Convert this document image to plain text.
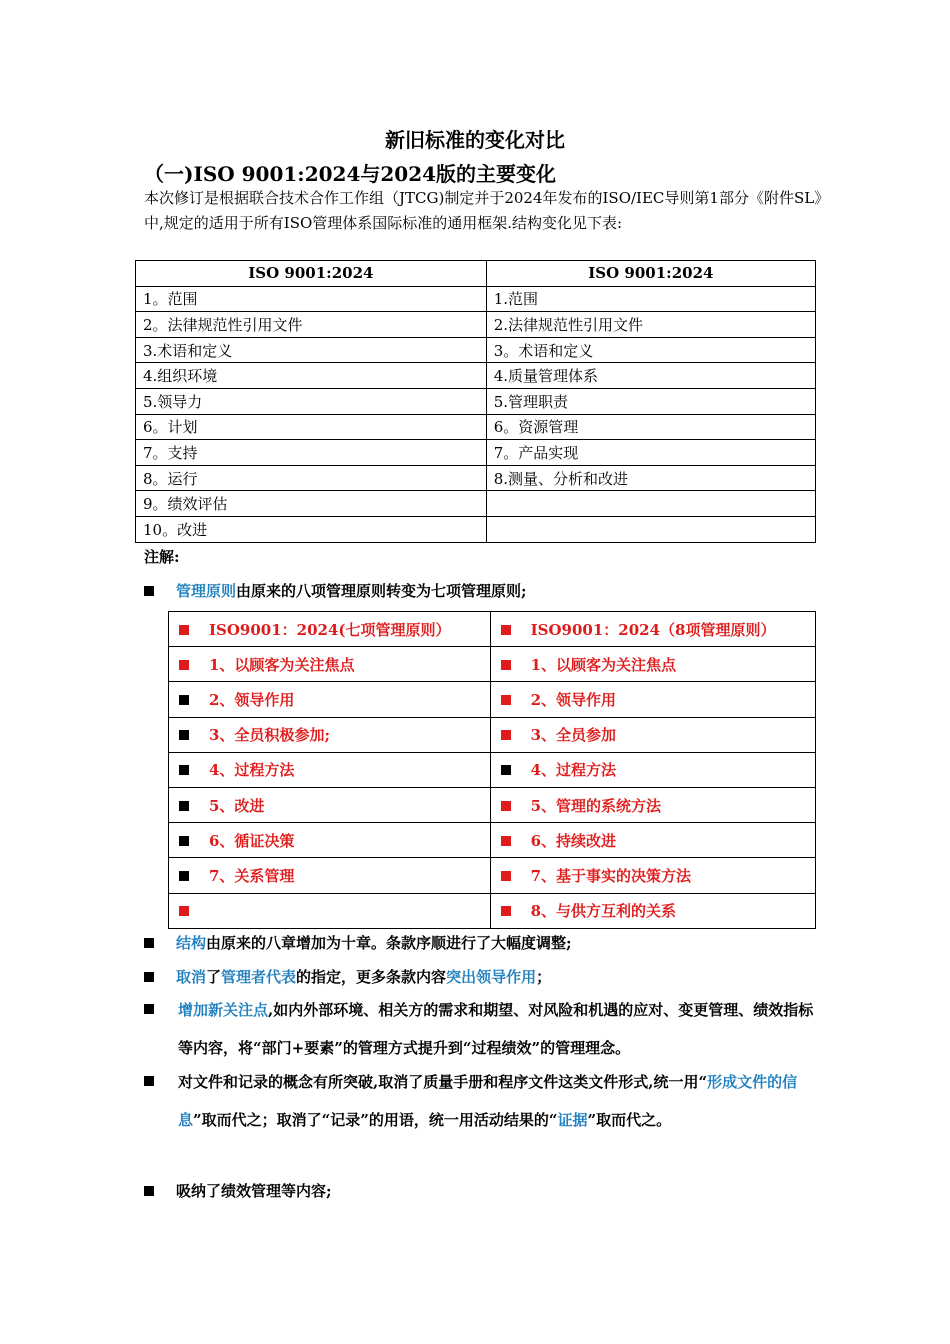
新旧标准的变化对比
（一)ISO 9001:2024与2024版的主要变化
本次修订是根据联合技术合作工作组（JTCG)制定并于2024年发布的ISO/IEC导则第1部分《附件SL》中,规定的适用于所有ISO管理体系国际标准的通用框架.结构变化见下表:
ISO 9001:2024	ISO 9001:2024
1。范围	1.范围
2。法律规范性引用文件	2.法律规范性引用文件
3.术语和定义	3。术语和定义
4.组织环境	4.质量管理体系
5.领导力	5.管理职责
6。计划	6。资源管理
7。支持	7。产品实现
8。运行	8.测量、分析和改进
9。绩效评估	
10。改进	
注解:
管理原则由原来的八项管理原则转变为七项管理原则;
ISO9001：2024(七项管理原则）	ISO9001：2024（8项管理原则）
1、以顾客为关注焦点	1、以顾客为关注焦点
2、领导作用	2、领导作用
3、全员积极参加;	3、全员参加
4、过程方法	4、过程方法
5、改进	5、管理的系统方法
6、循证决策	6、持续改进
7、关系管理	7、基于事实的决策方法
	8、与供方互利的关系
结构由原来的八章增加为十章。条款序顺进行了大幅度调整;
取消了管理者代表的指定，更多条款内容突出领导作用；
增加新关注点,如内外部环境、相关方的需求和期望、对风险和机遇的应对、变更管理、绩效指标等内容，将“部门+要素”的管理方式提升到“过程绩效”的管理理念。
对文件和记录的概念有所突破,取消了质量手册和程序文件这类文件形式,统一用“形成文件的信息”取而代之；取消了“记录”的用语，统一用活动结果的“证据”取而代之。
吸纳了绩效管理等内容;
